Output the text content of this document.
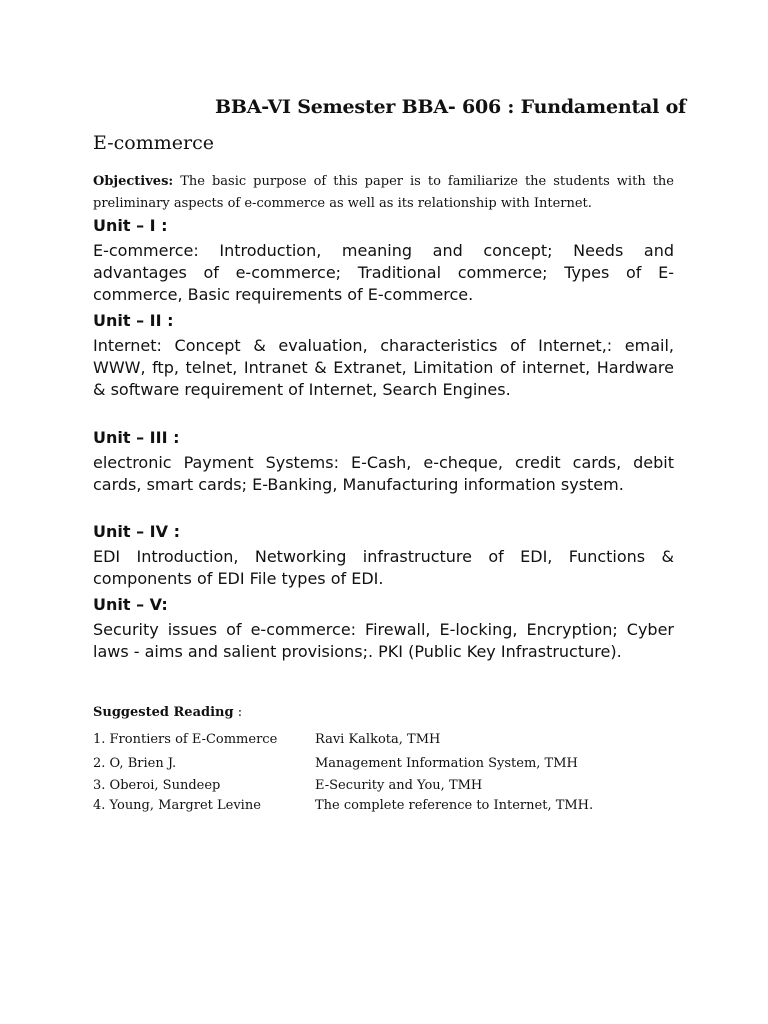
BBA-VI Semester BBA- 606 : Fundamental of
E-commerce
Objectives: The basic purpose of this paper is to familiarize the students with the preliminary aspects of e-commerce as well as its relationship with Internet.
Unit – I :
E-commerce: Introduction, meaning and concept; Needs and advantages of e-commerce; Traditional commerce; Types of E-commerce, Basic requirements of E-commerce.
Unit – II :
Internet: Concept & evaluation, characteristics of Internet,: email, WWW, ftp, telnet, Intranet & Extranet, Limitation of internet, Hardware & software requirement of Internet, Search Engines.
Unit – III :
electronic Payment Systems: E-Cash, e-cheque, credit cards, debit cards, smart cards; E-Banking, Manufacturing information system.
Unit – IV :
EDI Introduction, Networking infrastructure of EDI, Functions & components of EDI File types of EDI.
Unit – V:
Security issues of e-commerce: Firewall, E-locking, Encryption; Cyber laws - aims and salient provisions;. PKI (Public Key Infrastructure).
Suggested Reading :
1. Frontiers of E-Commerce	Ravi Kalkota, TMH
2. O, Brien J.	Management Information System, TMH
3. Oberoi, Sundeep	E-Security and You, TMH
4. Young, Margret Levine	The complete reference to Internet, TMH.
